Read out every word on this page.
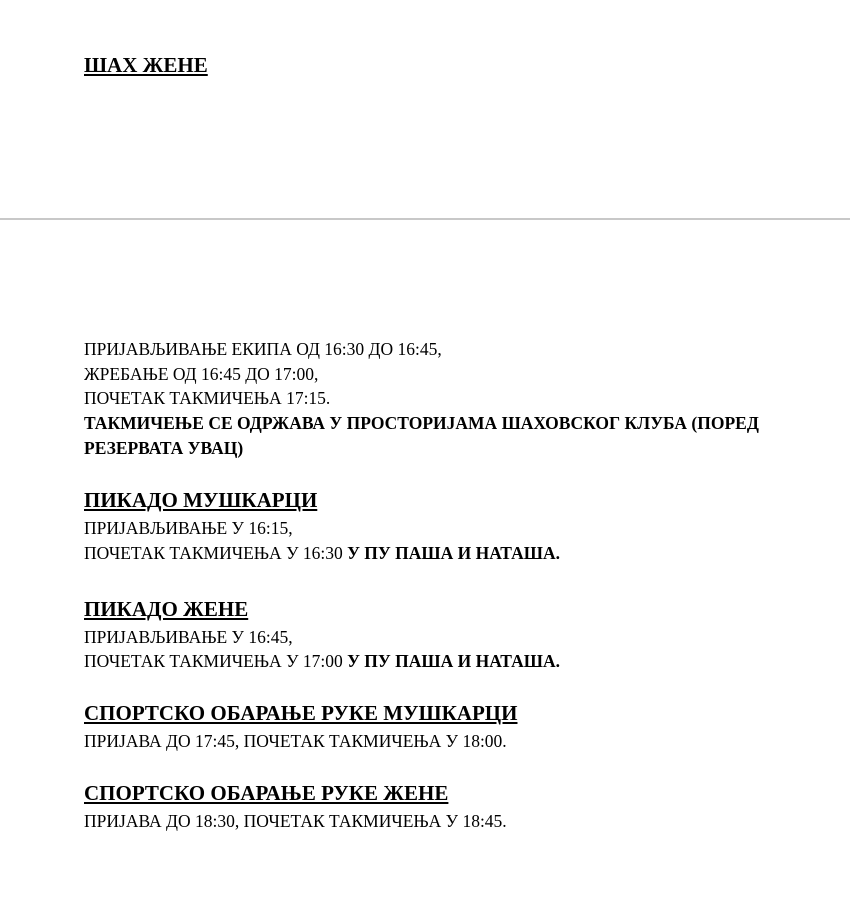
ШАХ ЖЕНЕ
ПРИЈАВЉИВАЊЕ ЕКИПА ОД 16:30 ДО 16:45,
ЖРЕБАЊЕ ОД 16:45 ДО 17:00,
ПОЧЕТАК ТАКМИЧЕЊА 17:15.
ТАКМИЧЕЊЕ СЕ ОДРЖАВА У ПРОСТОРИЈАМА ШАХОВСКОГ КЛУБА (ПОРЕД
РЕЗЕРВАТА УВАЦ)
ПИКАДО МУШКАРЦИ
ПРИЈАВЉИВАЊЕ У 16:15,
ПОЧЕТАК ТАКМИЧЕЊА У 16:30 У ПУ ПАША И НАТАША.
ПИКАДО ЖЕНЕ
ПРИЈАВЉИВАЊЕ У 16:45,
ПОЧЕТАК ТАКМИЧЕЊА У 17:00 У ПУ ПАША И НАТАША.
СПОРТСКО ОБАРАЊЕ РУКЕ МУШКАРЦИ
ПРИЈАВА ДО 17:45, ПОЧЕТАК ТАКМИЧЕЊА У 18:00.
СПОРТСКО ОБАРАЊЕ РУКЕ ЖЕНЕ
ПРИЈАВА ДО 18:30, ПОЧЕТАК ТАКМИЧЕЊА У 18:45.
